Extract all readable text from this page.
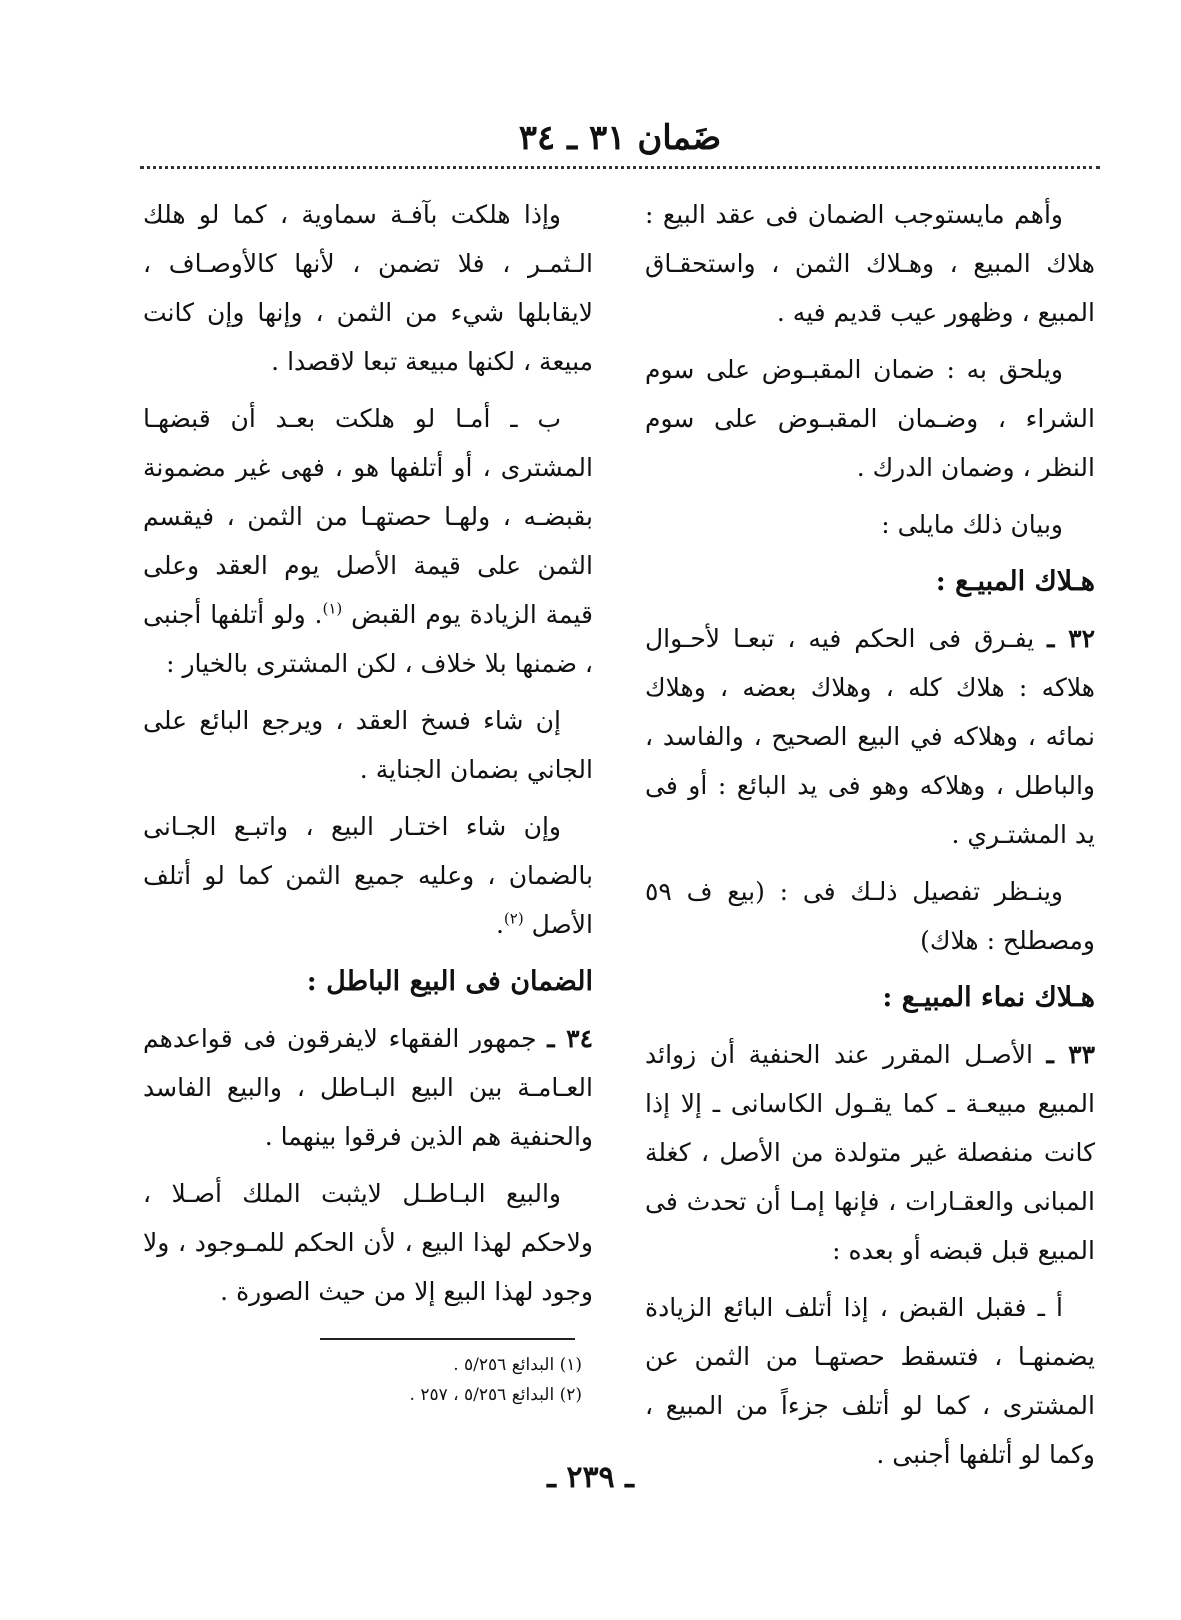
ضَمان ٣١ ـ ٣٤

وأهم مايستوجب الضمان فى عقد البيع : هلاك المبيع ، وهـلاك الثمن ، واستحقـاق المبيع ، وظهور عيب قديم فيه .

ويلحق به : ضمان المقبـوض على سوم الشراء ، وضـمان المقبـوض على سوم النظر ، وضمان الدرك .

وبيان ذلك مايلى :

هـلاك المبيـع :

٣٢ ـ يفـرق فى الحكم فيه ، تبعـا لأحـوال هلاكه : هلاك كله ، وهلاك بعضه ، وهلاك نمائه ، وهلاكه في البيع الصحيح ، والفاسد ، والباطل ، وهلاكه وهو فى يد البائع : أو فى يد المشتـري .

وينـظر تفصيل ذلـك فى : (بيع ف ٥٩ ومصطلح : هلاك)

هـلاك نماء المبيـع :

٣٣ ـ الأصـل المقرر عند الحنفية أن زوائد المبيع مبيعـة ـ كما يقـول الكاسانى ـ إلا إذا كانت منفصلة غير متولدة من الأصل ، كغلة المبانى والعقـارات ، فإنها إمـا أن تحدث فى المبيع قبل قبضه أو بعده :

أ ـ فقبل القبض ، إذا أتلف البائع الزيادة يضمنهـا ، فتسقط حصتهـا من الثمن عن المشترى ، كما لو أتلف جزءاً من المبيع ، وكما لو أتلفها أجنبى .

وإذا هلكت بآفـة سماوية ، كما لو هلك الـثمـر ، فلا تضمن ، لأنها كالأوصـاف ، لايقابلها شيء من الثمن ، وإنها وإن كانت مبيعة ، لكنها مبيعة تبعا لاقصدا .

ب ـ أمـا لو هلكت بعـد أن قبضهـا المشترى ، أو أتلفها هو ، فهى غير مضمونة بقبضـه ، ولهـا حصتهـا من الثمن ، فيقسم الثمن على قيمة الأصل يوم العقد وعلى قيمة الزيادة يوم القبض $^{(١)}$. ولو أتلفها أجنبى ، ضمنها بلا خلاف ، لكن المشترى بالخيار :

إن شاء فسخ العقد ، ويرجع البائع على الجاني بضمان الجناية .

وإن شاء اختـار البيع ، واتبـع الجـانى بالضمان ، وعليه جميع الثمن كما لو أتلف الأصل $^{(٢)}$.

الضمان فى البيع الباطل :

٣٤ ـ جمهور الفقهاء لايفرقون فى قواعدهم العـامـة بين البيع البـاطل ، والبيع الفاسد والحنفية هم الذين فرقوا بينهما .

والبيع البـاطـل لايثبت الملك أصـلا ، ولاحكم لهذا البيع ، لأن الحكم للمـوجود ، ولا وجود لهذا البيع إلا من حيث الصورة .

(١) البدائع ٥/٢٥٦ .

(٢) البدائع ٥/٢٥٦ ، ٢٥٧ .

ـ ٢٣٩ ـ
